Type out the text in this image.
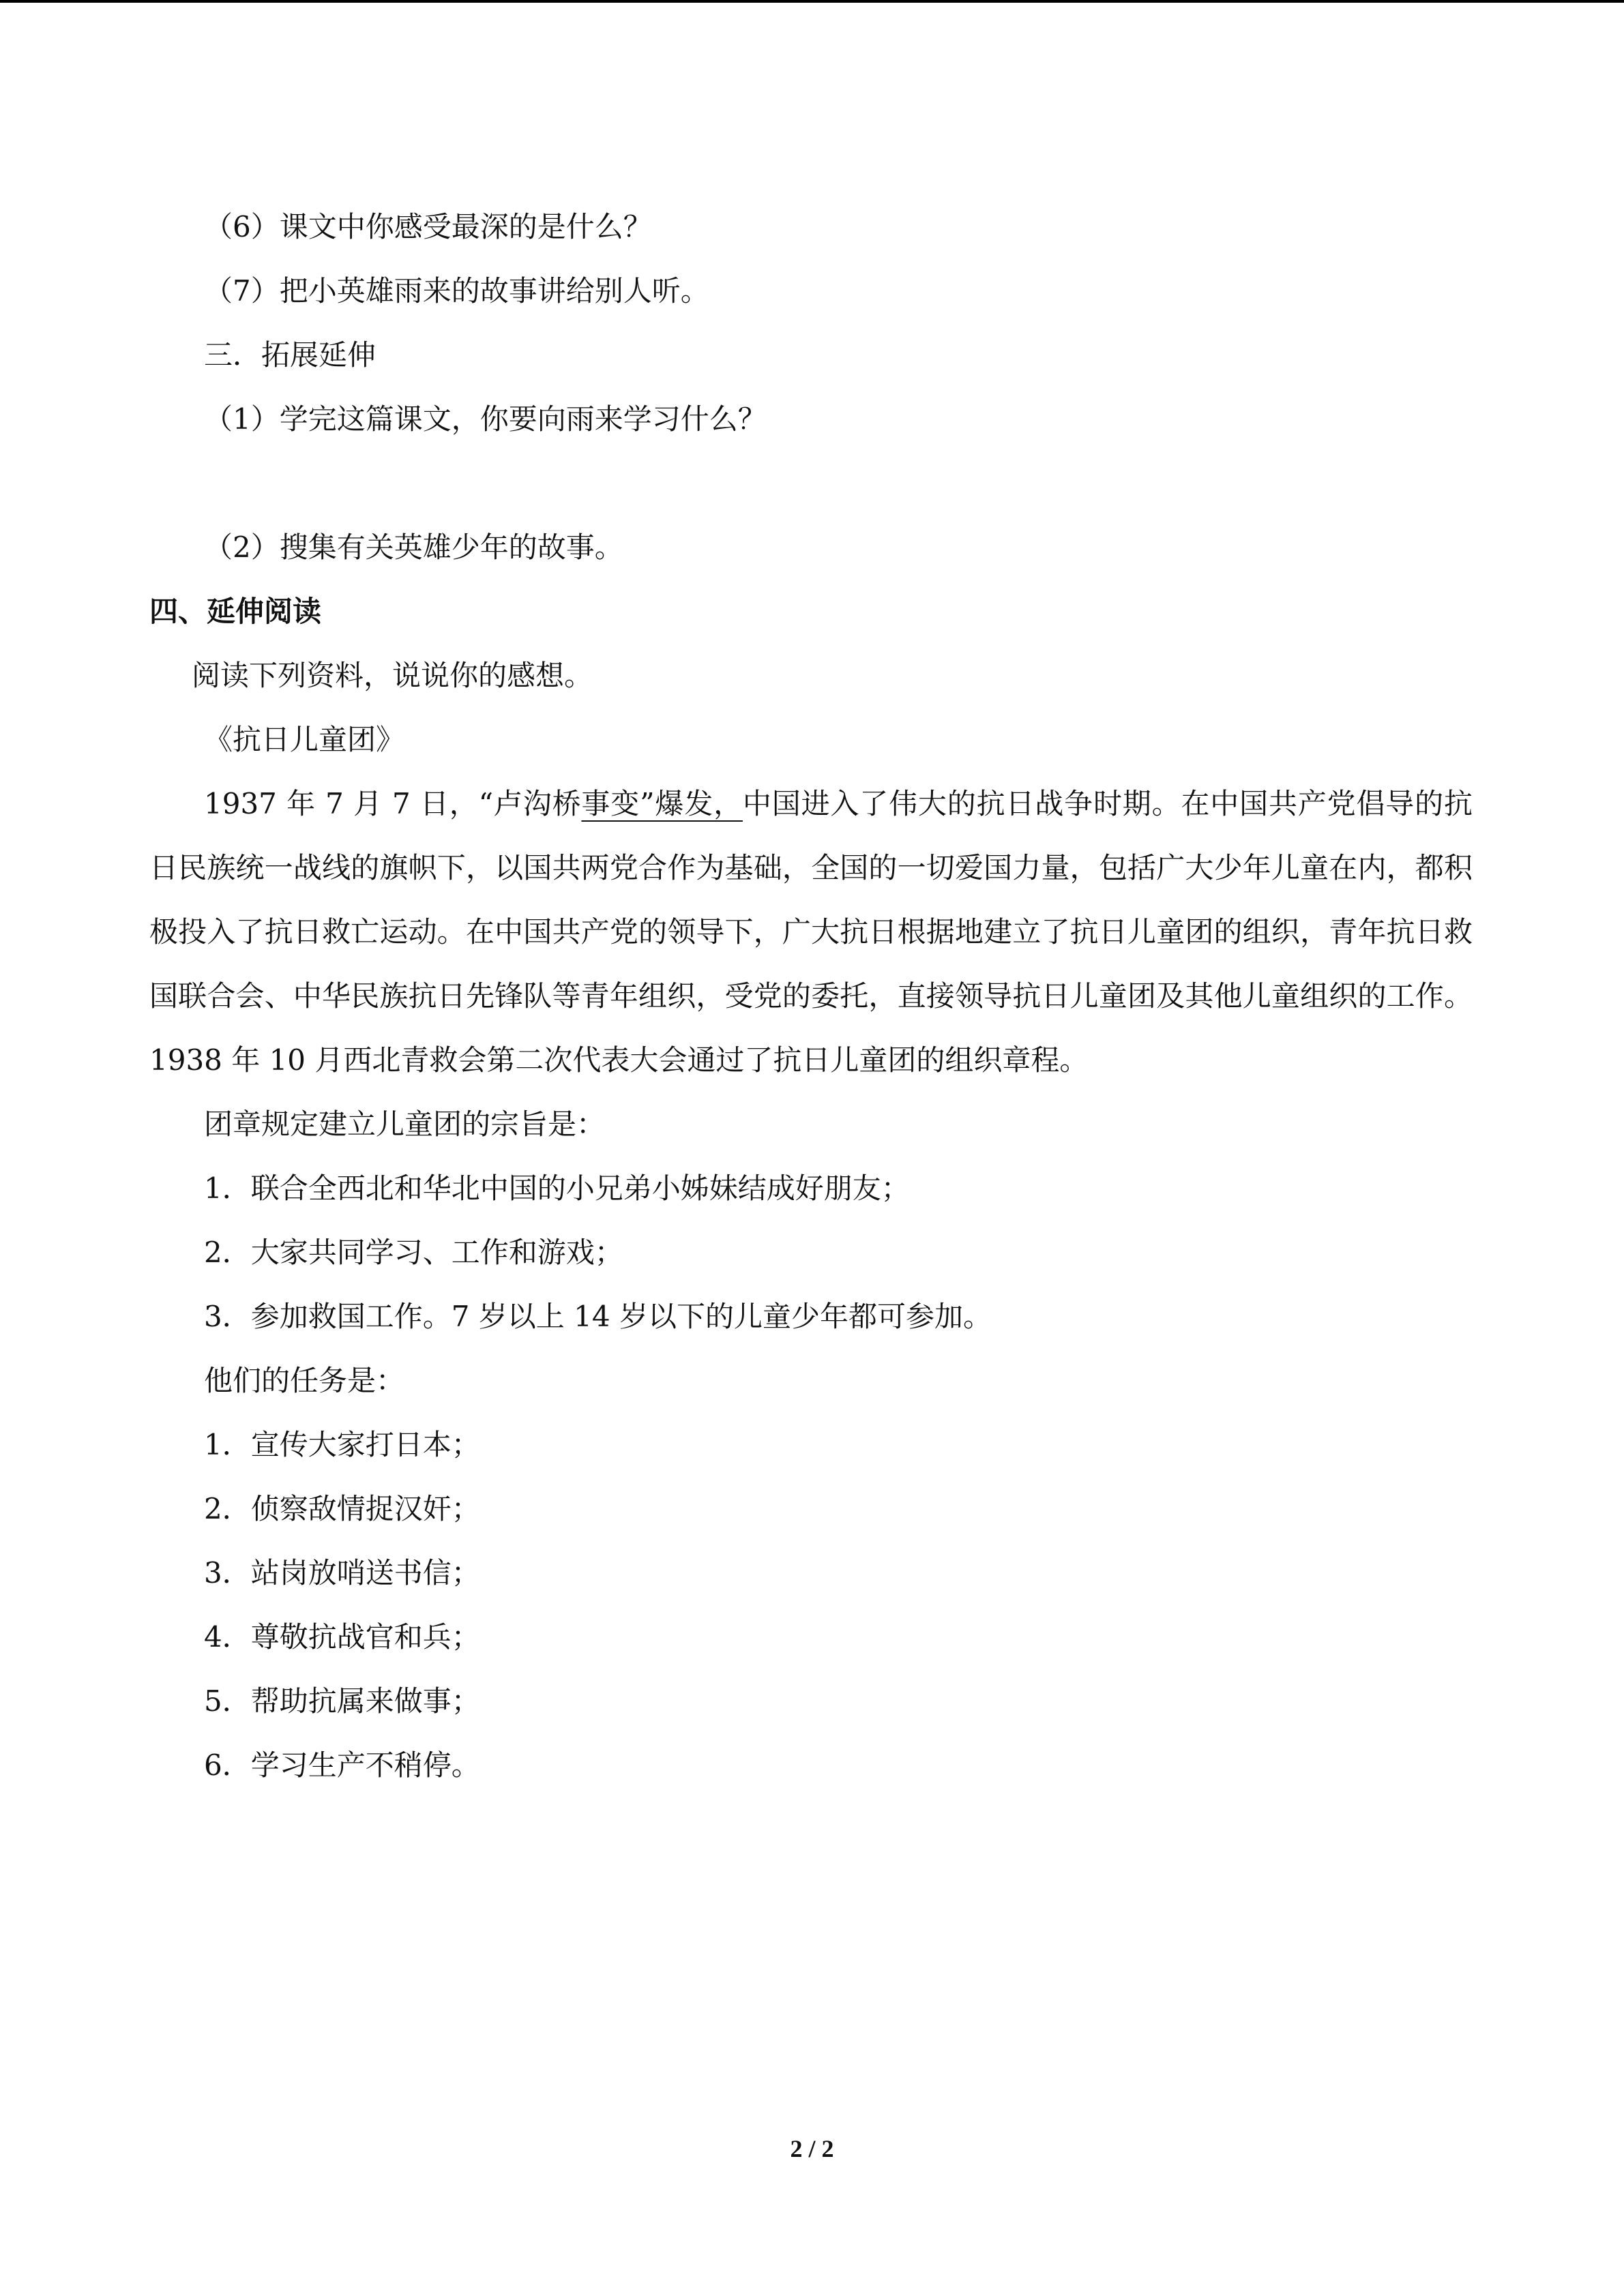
（6）课文中你感受最深的是什么？
（7）把小英雄雨来的故事讲给别人听。
三．拓展延伸
（1）学完这篇课文，你要向雨来学习什么？
（2）搜集有关英雄少年的故事。
四、延伸阅读
阅读下列资料，说说你的感想。
《抗日儿童团》
1937 年 7 月 7 日，“卢沟桥事变”爆发，中国进入了伟大的抗日战争时期。在中国共产党倡导的抗日民族统一战线的旗帜下，以国共两党合作为基础，全国的一切爱国力量，包括广大少年儿童在内，都积极投入了抗日救亡运动。在中国共产党的领导下，广大抗日根据地建立了抗日儿童团的组织，青年抗日救国联合会、中华民族抗日先锋队等青年组织，受党的委托，直接领导抗日儿童团及其他儿童组织的工作。1938 年 10 月西北青救会第二次代表大会通过了抗日儿童团的组织章程。
团章规定建立儿童团的宗旨是：
1．联合全西北和华北中国的小兄弟小姊妹结成好朋友；
2．大家共同学习、工作和游戏；
3．参加救国工作。7 岁以上 14 岁以下的儿童少年都可参加。
他们的任务是：
1．宣传大家打日本；
2．侦察敌情捉汉奸；
3．站岗放哨送书信；
4．尊敬抗战官和兵；
5．帮助抗属来做事；
6．学习生产不稍停。
2 / 2
